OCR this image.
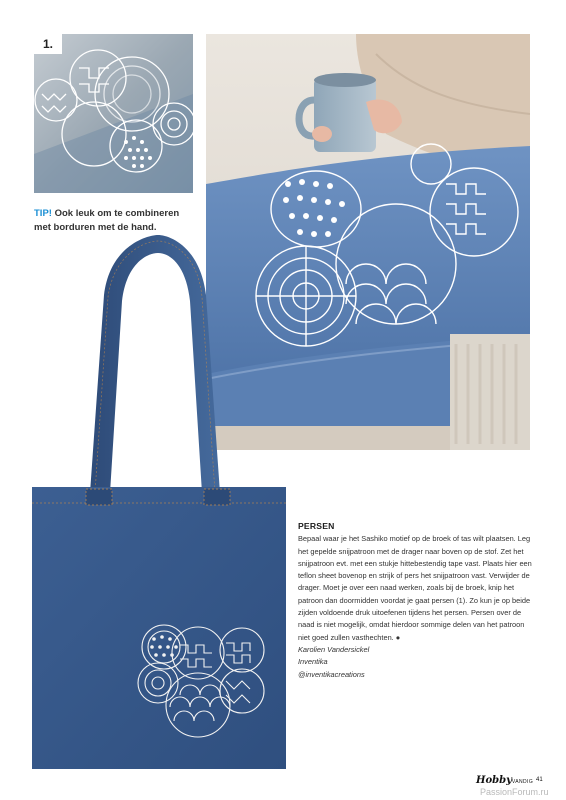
1.
TIP! Ook leuk om te combineren met borduren met de hand.
PERSEN

Bepaal waar je het Sashiko motief op de broek of tas wilt plaatsen. Leg het gepelde snijpatroon met de drager naar boven op de stof. Zet het snijpatroon evt. met een stukje hittebestendig tape vast. Plaats hier een teflon sheet bovenop en strijk of pers het snijpatroon vast. Verwijder de drager. Moet je over een naad werken, zoals bij de broek, knip het patroon dan doormidden voordat je gaat persen (1). Zo kun je op beide zijden voldoende druk uitoefenen tijdens het persen. Persen over de naad is niet mogelijk, omdat hierdoor sommige delen van het patroon niet goed zullen vasthechten. ●

Karolien Vandersickel

Inventika

@inventikacreations

HobbyVANDIG 41
PassionForum.ru
